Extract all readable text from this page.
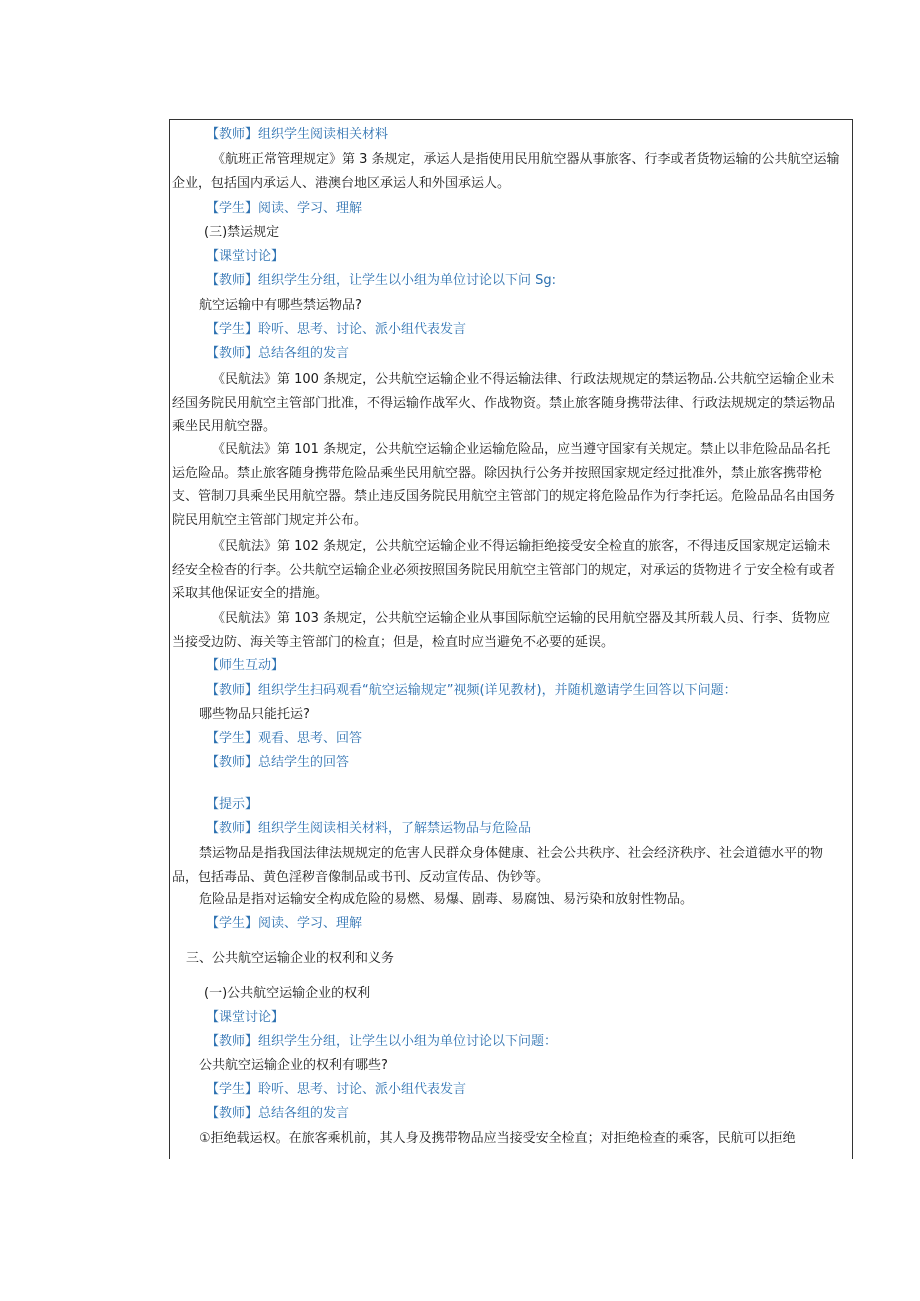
【教师】组织学生阅读相关材料
《航班正常管理规定》第 3 条规定，承运人是指使用民用航空器从事旅客、行李或者货物运输的公共航空运输企业，包括国内承运人、港澳台地区承运人和外国承运人。
【学生】阅读、学习、理解
(三)禁运规定
【课堂讨论】
【教师】组织学生分组，让学生以小组为单位讨论以下问 Sg:
航空运输中有哪些禁运物品?
【学生】聆听、思考、讨论、派小组代表发言
【教师】总结各组的发言
《民航法》第 100 条规定，公共航空运输企业不得运输法律、行政法规规定的禁运物品.公共航空运输企业未经国务院民用航空主管部门批准，不得运输作战军火、作战物资。禁止旅客随身携带法律、行政法规规定的禁运物品乘坐民用航空器。
《民航法》第 101 条规定，公共航空运输企业运输危险品，应当遵守国家有关规定。禁止以非危险品品名托运危险品。禁止旅客随身携带危险品乘坐民用航空器。除因执行公务并按照国家规定经过批准外，禁止旅客携带枪支、管制刀具乘坐民用航空器。禁止违反国务院民用航空主管部门的规定将危险品作为行李托运。危险品品名由国务院民用航空主管部门规定并公布。
《民航法》第 102 条规定，公共航空运输企业不得运输拒绝接受安全检直的旅客，不得违反国家规定运输未经安全检杳的行李。公共航空运输企业必须按照国务院民用航空主管部门的规定，对承运的货物进彳亍安全检有或者采取其他保证安全的措施。
《民航法》第 103 条规定，公共航空运输企业从事国际航空运输的民用航空器及其所载人员、行李、货物应当接受边防、海关等主管部门的检直；但是，检直时应当避免不必要的延误。
【师生互动】
【教师】组织学生扫码观看“航空运输规定”视频(详见教材)，并随机邀请学生回答以下问题：
哪些物品只能托运?
【学生】观看、思考、回答
【教师】总结学生的回答
【提示】
【教师】组织学生阅读相关材料，了解禁运物品与危险品
禁运物品是指我国法律法规规定的危害人民群众身体健康、社会公共秩序、社会经济秩序、社会道德水平的物品，包括毒品、黄色淫秽音像制品或书刊、反动宣传品、伪钞等。
危险品是指对运输安全构成危险的易燃、易爆、剧毒、易腐蚀、易污染和放射性物品。
【学生】阅读、学习、理解
三、公共航空运输企业的权利和义务
(一)公共航空运输企业的权利
【课堂讨论】
【教师】组织学生分组，让学生以小组为单位讨论以下问题：
公共航空运输企业的权利有哪些?
【学生】聆听、思考、讨论、派小组代表发言
【教师】总结各组的发言
①拒绝载运权。在旅客乘机前，其人身及携带物品应当接受安全检直；对拒绝检查的乘客，民航可以拒绝
